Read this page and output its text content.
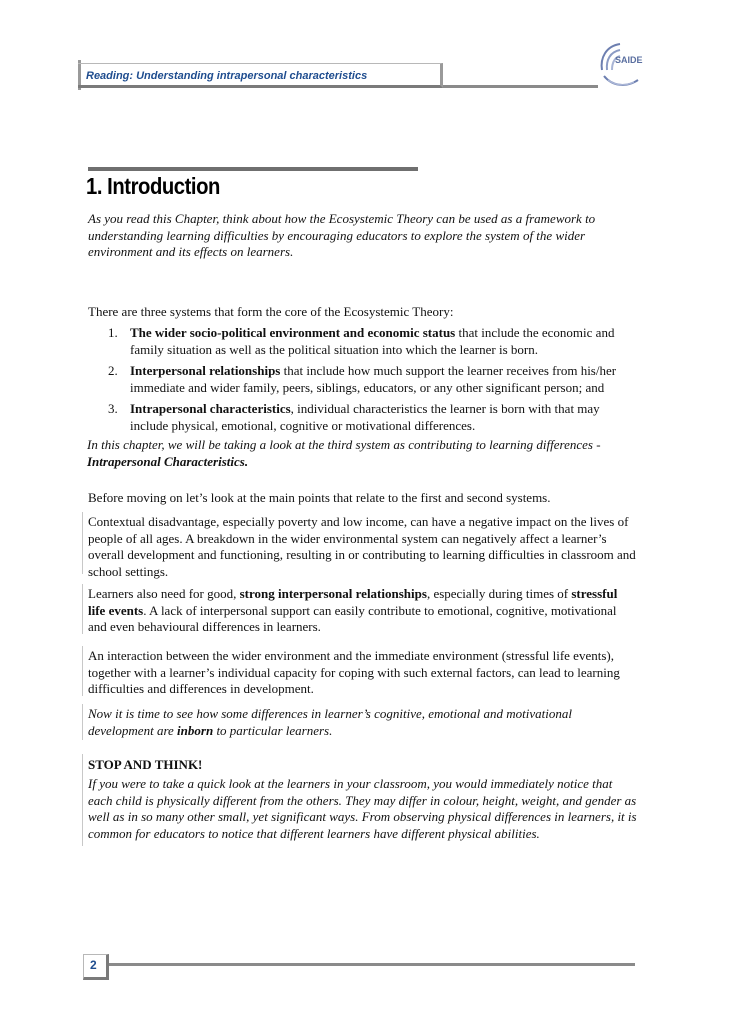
Reading: Understanding intrapersonal characteristics
SAIDE
1. Introduction

As you read this Chapter, think about how the Ecosystemic Theory can be used as a framework to understanding learning difficulties by encouraging educators to explore the system of the wider environment and its effects on learners.

There are three systems that form the core of the Ecosystemic Theory:

1. The wider socio-political environment and economic status that include the economic and family situation as well as the political situation into which the learner is born.
2. Interpersonal relationships that include how much support the learner receives from his/her immediate and wider family, peers, siblings, educators, or any other significant person; and
3. Intrapersonal characteristics, individual characteristics the learner is born with that may include physical, emotional, cognitive or motivational differences.

In this chapter, we will be taking a look at the third system as contributing to learning differences - Intrapersonal Characteristics.

Before moving on let’s look at the main points that relate to the first and second systems.

Contextual disadvantage, especially poverty and low income, can have a negative impact on the lives of people of all ages. A breakdown in the wider environmental system can negatively affect a learner’s overall development and functioning, resulting in or contributing to learning difficulties in classroom and school settings.

Learners also need for good, strong interpersonal relationships, especially during times of stressful life events. A lack of interpersonal support can easily contribute to emotional, cognitive, motivational and even behavioural differences in learners.

An interaction between the wider environment and the immediate environment (stressful life events), together with a learner’s individual capacity for coping with such external factors, can lead to learning difficulties and differences in development.

Now it is time to see how some differences in learner’s cognitive, emotional and motivational development are inborn to particular learners.

STOP AND THINK!

If you were to take a quick look at the learners in your classroom, you would immediately notice that each child is physically different from the others. They may differ in colour, height, weight, and gender as well as in so many other small, yet significant ways. From observing physical differences in learners, it is common for educators to notice that different learners have different physical abilities.

2
